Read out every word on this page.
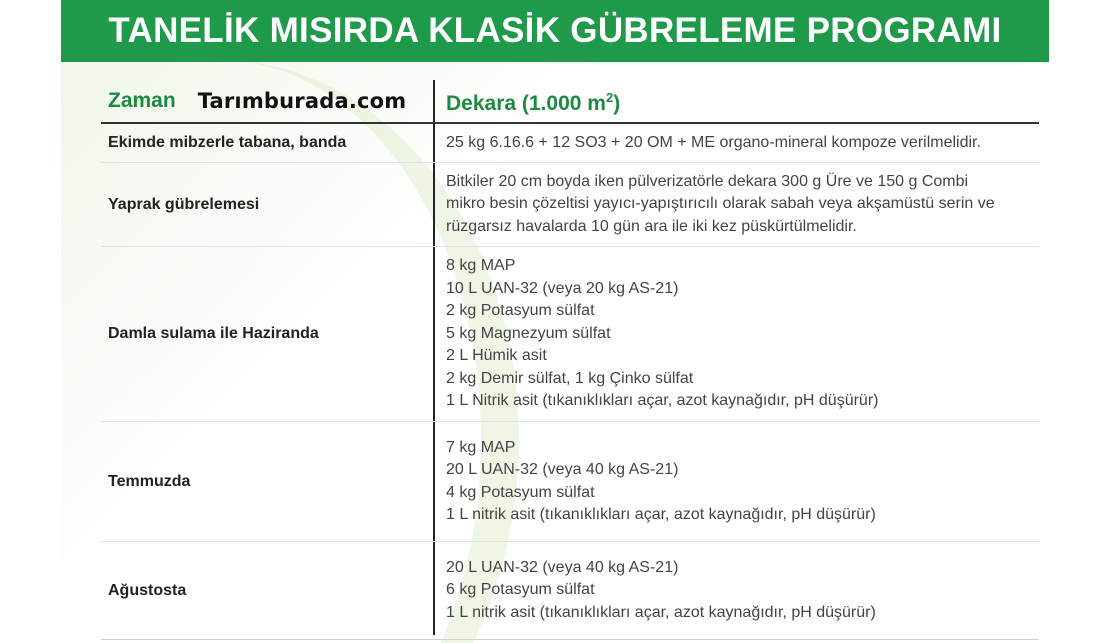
TANELİK MISIRDA KLASİK GÜBRELEME PROGRAMI
Zaman Tarımburada.com Dekara (1.000 $m^2$)
Ekimde mibzerle tabana, banda	25 kg 6.16.6 + 12 SO3 + 20 OM + ME organo-mineral kompoze verilmelidir.
Yaprak gübrelemesi
Bitkiler 20 cm boyda iken pülverizatörle dekara 300 g Üre ve 150 g Combi
mikro besin çözeltisi yayıcı-yapıştırıcılı olarak sabah veya akşamüstü serin ve
rüzgarsız havalarda 10 gün ara ile iki kez püskürtülmelidir.
Damla sulama ile Haziranda
8 kg MAP
10 L UAN-32 (veya 20 kg AS-21)
2 kg Potasyum sülfat
5 kg Magnezyum sülfat
2 L Hümik asit
2 kg Demir sülfat, 1 kg Çinko sülfat
1 L Nitrik asit (tıkanıklıkları açar, azot kaynağıdır, pH düşürür)
Temmuzda
7 kg MAP
20 L UAN-32 (veya 40 kg AS-21)
4 kg Potasyum sülfat
1 L nitrik asit (tıkanıklıkları açar, azot kaynağıdır, pH düşürür)
Ağustosta
20 L UAN-32 (veya 40 kg AS-21)
6 kg Potasyum sülfat
1 L nitrik asit (tıkanıklıkları açar, azot kaynağıdır, pH düşürür)
